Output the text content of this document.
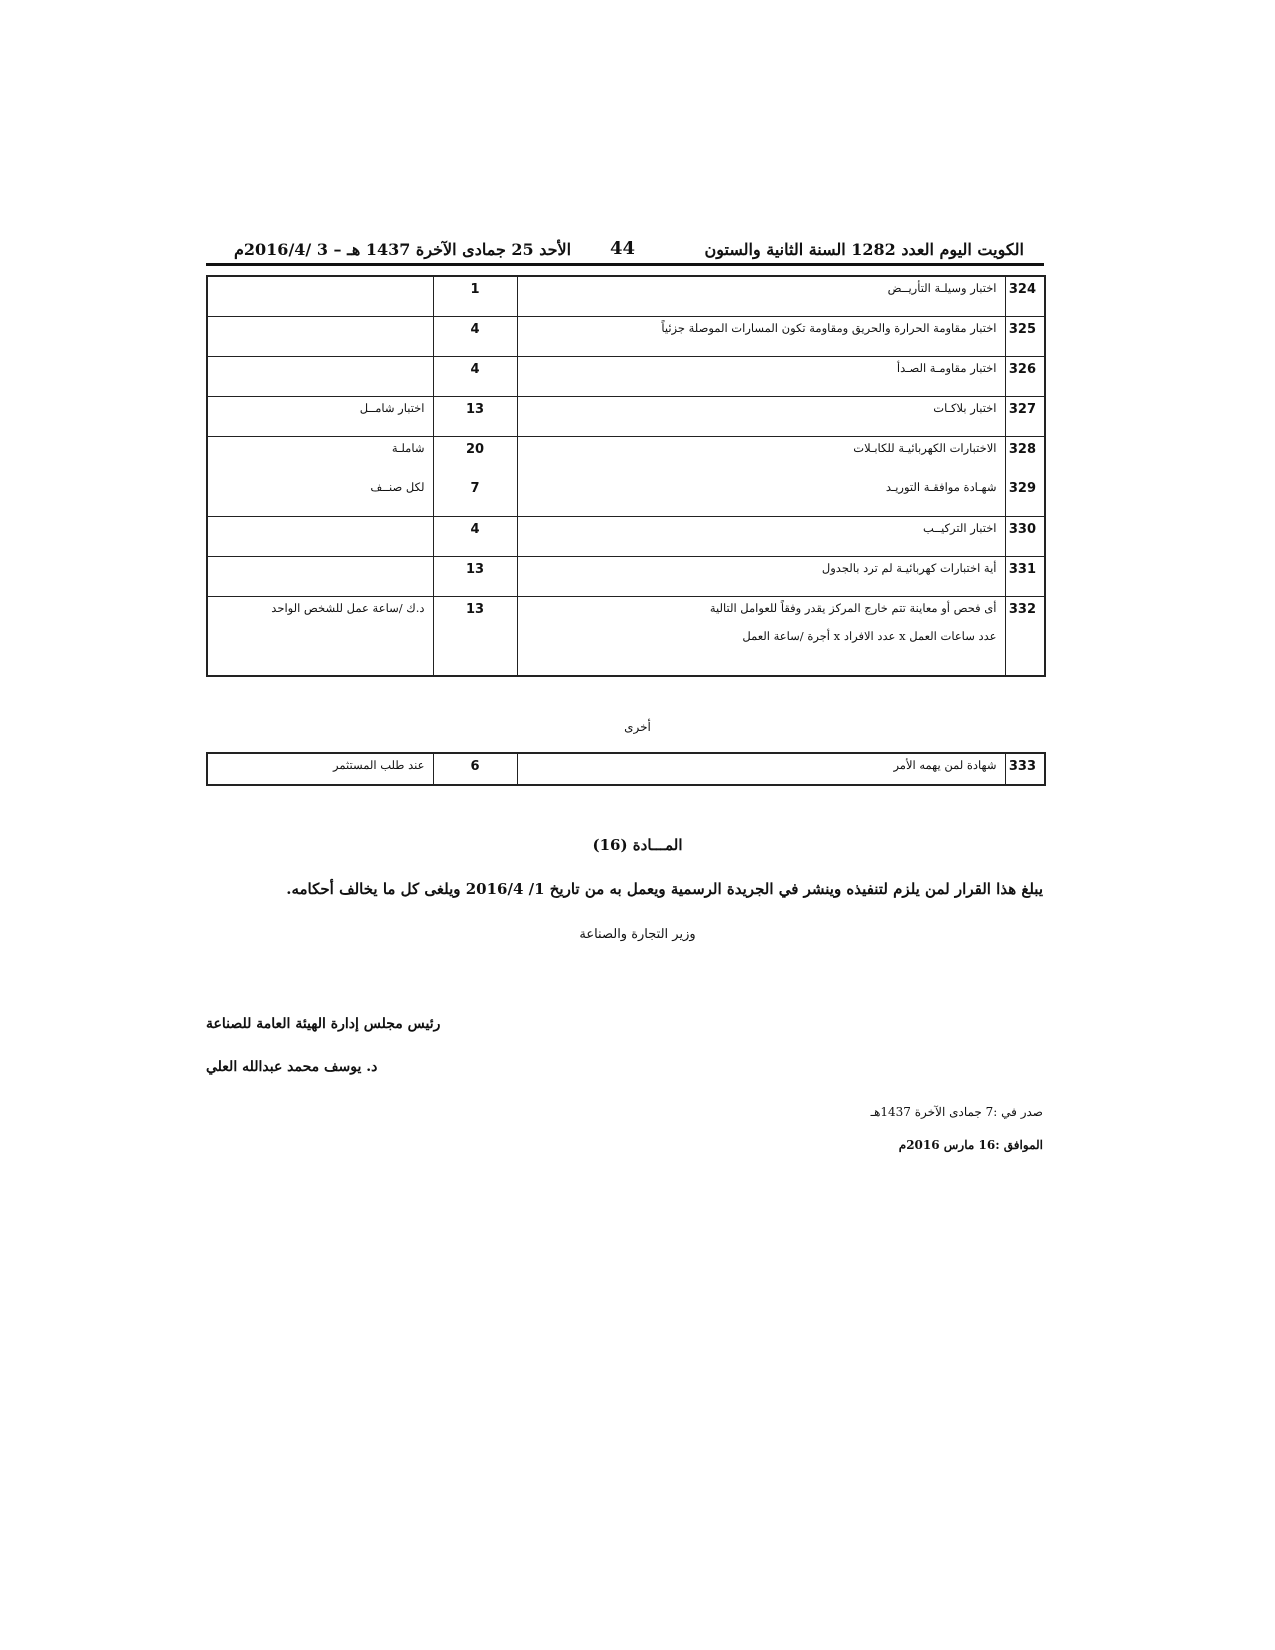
الكويت اليوم العدد 1282 السنة الثانية والستون
44
الأحد 25 جمادى الآخرة 1437 هـ – 3 /2016/4م
324	اختبار وسيلـة التأريــض	1	
325	اختبار مقاومة الحرارة والحريق ومقاومة تكون المسارات الموصلة جزئياً	4	
326	اختبار مقاومـة الصـدأ	4	
327	اختبار بلاكـات	13	اختبار شامــل
328	الاختبارات الكهربائيـة للكابـلات	20	شاملـة
329	شهـادة موافقـة التوريـد	7	لكل صنــف
330	اختبار التركيــب	4	
331	أية اختبارات كهربائيـة لم ترد بالجدول	13	
332	أى فحص أو معاينة تتم خارج المركز يقدر وفقاً للعوامل التالية
عدد ساعات العمل x عدد الافراد x أجرة /ساعة العمل	13	د.ك /ساعة عمل للشخص الواحد
أخرى
333	شهادة لمن يهمه الأمر	6	عند طلب المستثمر
المـــادة (16)
يبلغ هذا القرار لمن يلزم لتنفيذه وينشر في الجريدة الرسمية ويعمل به من تاريخ 1/ 2016/4 ويلغى كل ما يخالف أحكامه.
وزير التجارة والصناعة
رئيس مجلس إدارة الهيئة العامة للصناعة
د. يوسف محمد عبدالله العلي
صدر في :7 جمادى الآخرة 1437هـ
الموافق :16 مارس 2016م
